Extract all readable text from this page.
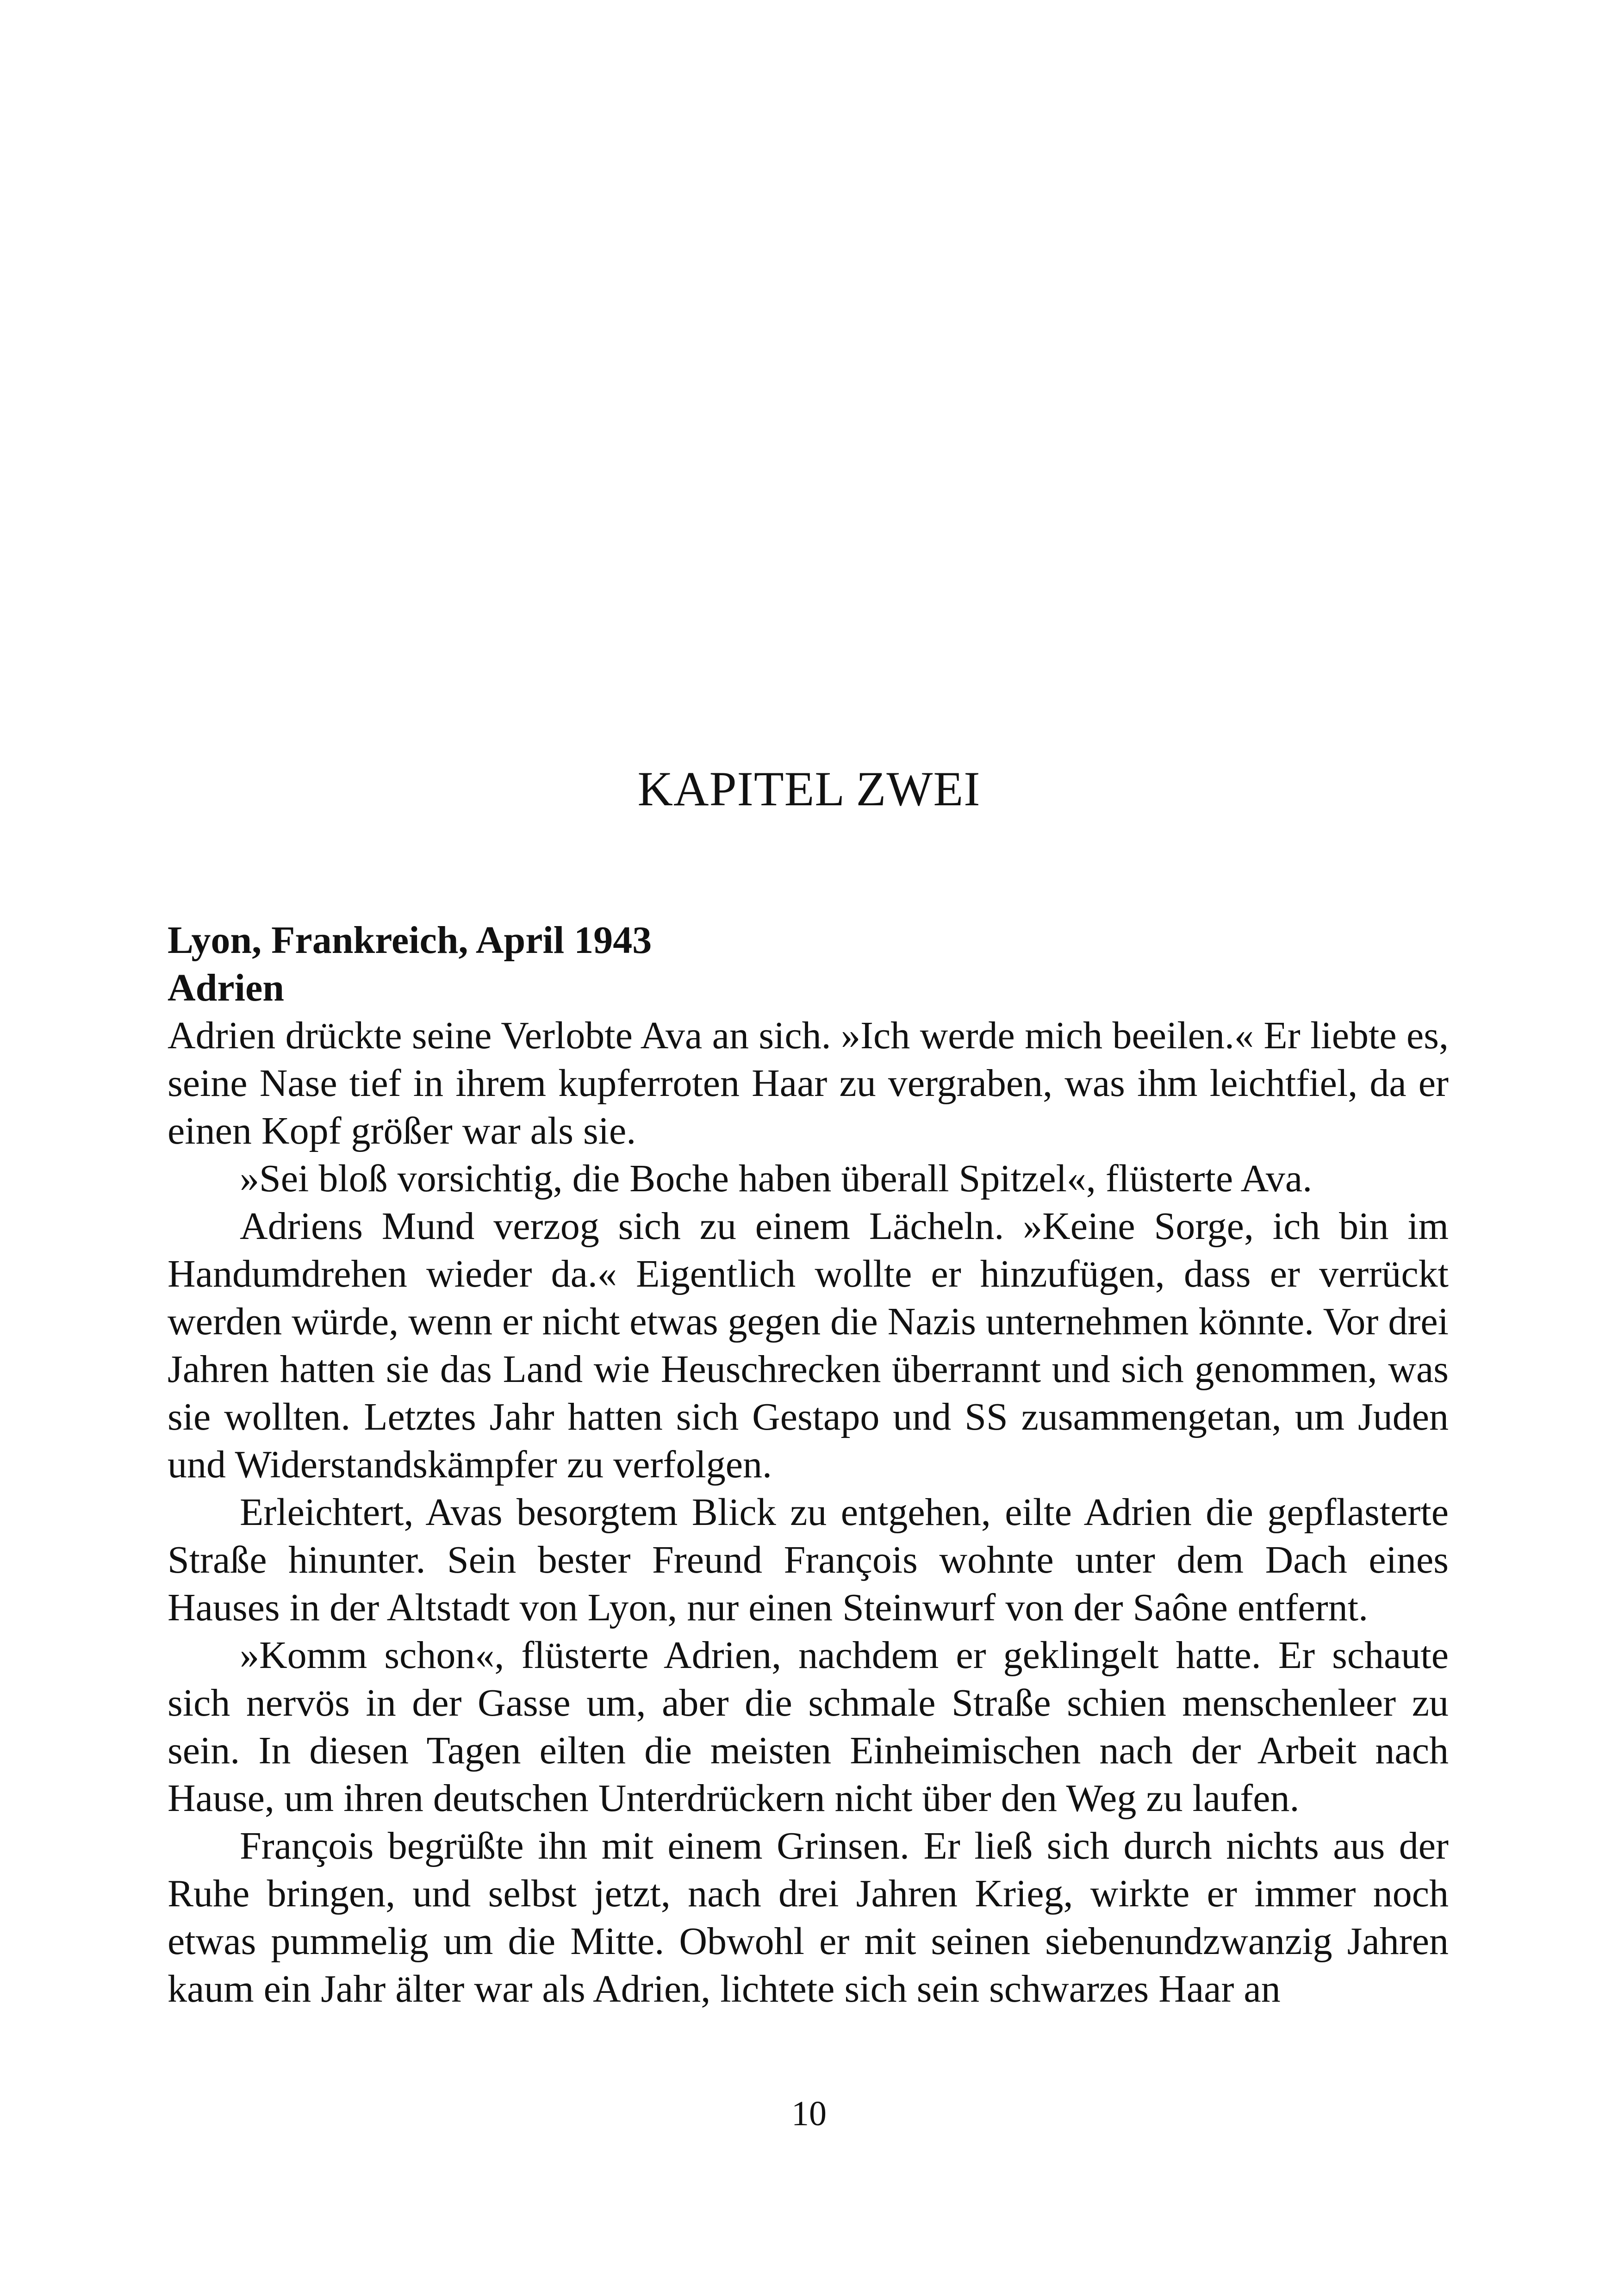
KAPITEL ZWEI

Lyon, Frankreich, April 1943

Adrien

Adrien drückte seine Verlobte Ava an sich. »Ich werde mich beeilen.« Er liebte es, seine Nase tief in ihrem kupferroten Haar zu vergraben, was ihm leichtfiel, da er einen Kopf größer war als sie.

»Sei bloß vorsichtig, die Boche haben überall Spitzel«, flüsterte Ava.

Adriens Mund verzog sich zu einem Lächeln. »Keine Sorge, ich bin im Handumdrehen wieder da.« Eigentlich wollte er hinzufügen, dass er verrückt werden würde, wenn er nicht etwas gegen die Nazis unternehmen könnte. Vor drei Jahren hatten sie das Land wie Heuschrecken überrannt und sich genommen, was sie wollten. Letztes Jahr hatten sich Gestapo und SS zusammengetan, um Juden und Widerstandskämpfer zu verfolgen.

Erleichtert, Avas besorgtem Blick zu entgehen, eilte Adrien die gepflasterte Straße hinunter. Sein bester Freund François wohnte unter dem Dach eines Hauses in der Altstadt von Lyon, nur einen Steinwurf von der Saône entfernt.

»Komm schon«, flüsterte Adrien, nachdem er geklingelt hatte. Er schaute sich nervös in der Gasse um, aber die schmale Straße schien menschenleer zu sein. In diesen Tagen eilten die meisten Einheimischen nach der Arbeit nach Hause, um ihren deutschen Unterdrückern nicht über den Weg zu laufen.

François begrüßte ihn mit einem Grinsen. Er ließ sich durch nichts aus der Ruhe bringen, und selbst jetzt, nach drei Jahren Krieg, wirkte er immer noch etwas pummelig um die Mitte. Obwohl er mit seinen siebenundzwanzig Jahren kaum ein Jahr älter war als Adrien, lichtete sich sein schwarzes Haar an

10
